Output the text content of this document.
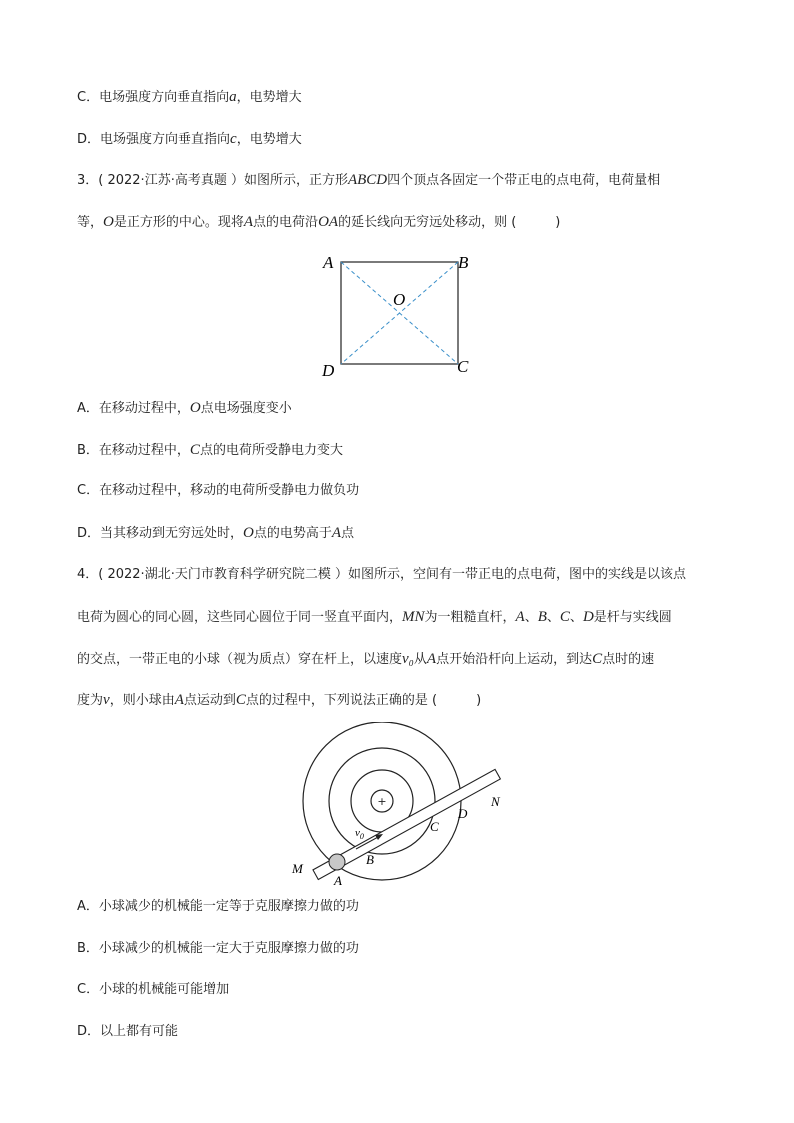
C．电场强度方向垂直指向a，电势增大
D．电场强度方向垂直指向c，电势增大
3．( 2022·江苏·高考真题 ）如图所示，正方形ABCD四个顶点各固定一个带正电的点电荷，电荷量相
等，O是正方形的中心。现将A点的电荷沿OA的延长线向无穷远处移动，则 (　　　)
A	B
C
D
O
A．在移动过程中，O点电场强度变小
B．在移动过程中，C点的电荷所受静电力变大
C．在移动过程中，移动的电荷所受静电力做负功
D．当其移动到无穷远处时，O点的电势高于A点
4．( 2022·湖北·天门市教育科学研究院二模 ）如图所示，空间有一带正电的点电荷，图中的实线是以该点
电荷为圆心的同心圆，这些同心圆位于同一竖直平面内，MN为一粗糙直杆，A、B、C、D是杆与实线圆
的交点，一带正电的小球（视为质点）穿在杆上，以速度v₀从A点开始沿杆向上运动，到达C点时的速
度为v，则小球由A点运动到C点的过程中，下列说法正确的是 (　　　)
+
$v_0$
M
A
B
C
D
N
A．小球减少的机械能一定等于克服摩擦力做的功
B．小球减少的机械能一定大于克服摩擦力做的功
C．小球的机械能可能增加
D．以上都有可能
